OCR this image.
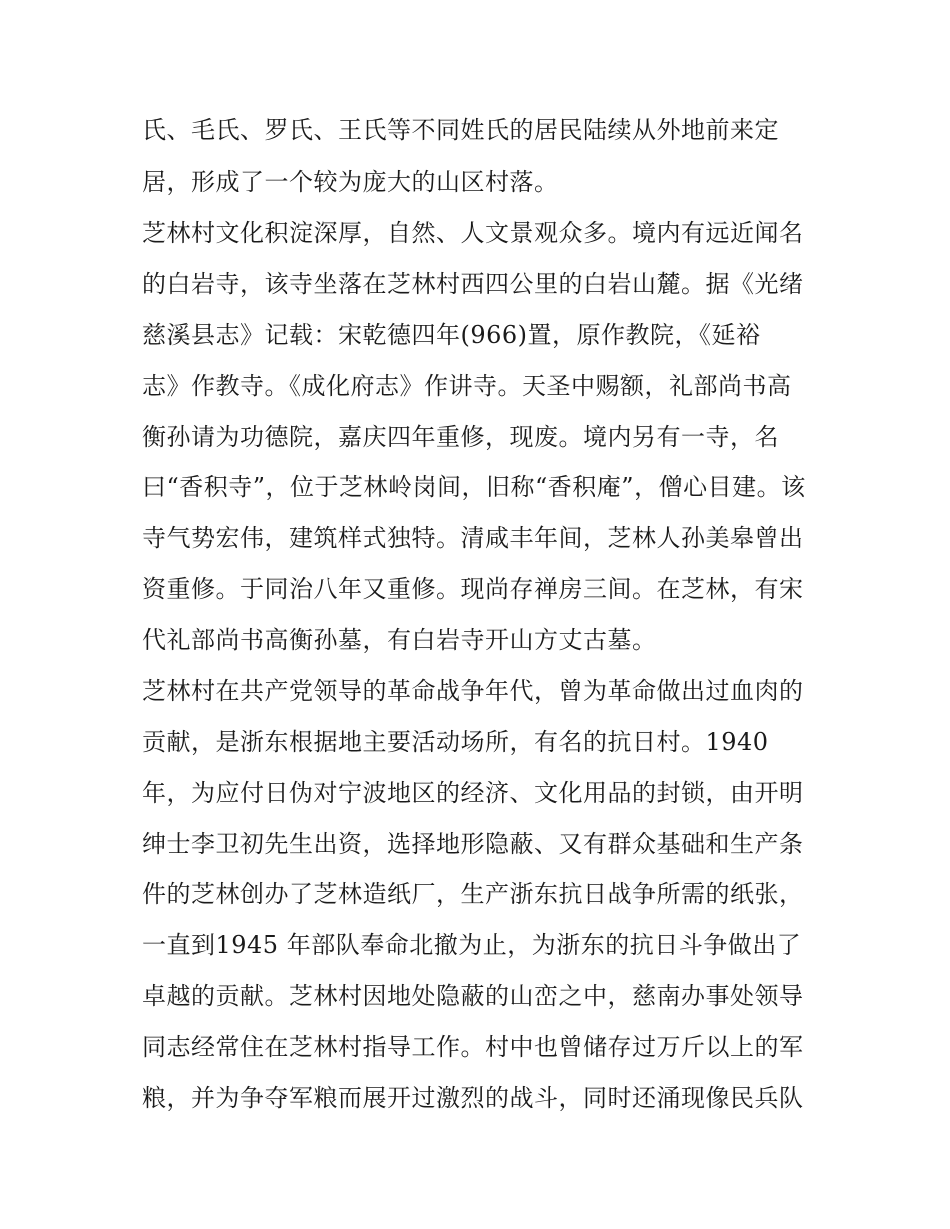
氏、毛氏、罗氏、王氏等不同姓氏的居民陆续从外地前来定
居，形成了一个较为庞大的山区村落。
芝林村文化积淀深厚，自然、人文景观众多。境内有远近闻名
的白岩寺，该寺坐落在芝林村西四公里的白岩山麓。据《光绪
慈溪县志》记载：宋乾德四年(966)置，原作教院，《延裕
志》作教寺。《成化府志》作讲寺。天圣中赐额，礼部尚书高
衡孙请为功德院，嘉庆四年重修，现废。境内另有一寺，名
曰“香积寺”，位于芝林岭岗间，旧称“香积庵”，僧心目建。该
寺气势宏伟，建筑样式独特。清咸丰年间，芝林人孙美皋曾出
资重修。于同治八年又重修。现尚存禅房三间。在芝林，有宋
代礼部尚书高衡孙墓，有白岩寺开山方丈古墓。
芝林村在共产党领导的革命战争年代，曾为革命做出过血肉的
贡献，是浙东根据地主要活动场所，有名的抗日村。1940
年，为应付日伪对宁波地区的经济、文化用品的封锁，由开明
绅士李卫初先生出资，选择地形隐蔽、又有群众基础和生产条
件的芝林创办了芝林造纸厂，生产浙东抗日战争所需的纸张，
一直到1945 年部队奉命北撤为止，为浙东的抗日斗争做出了
卓越的贡献。芝林村因地处隐蔽的山峦之中，慈南办事处领导
同志经常住在芝林村指导工作。村中也曾储存过万斤以上的军
粮，并为争夺军粮而展开过激烈的战斗，同时还涌现像民兵队
